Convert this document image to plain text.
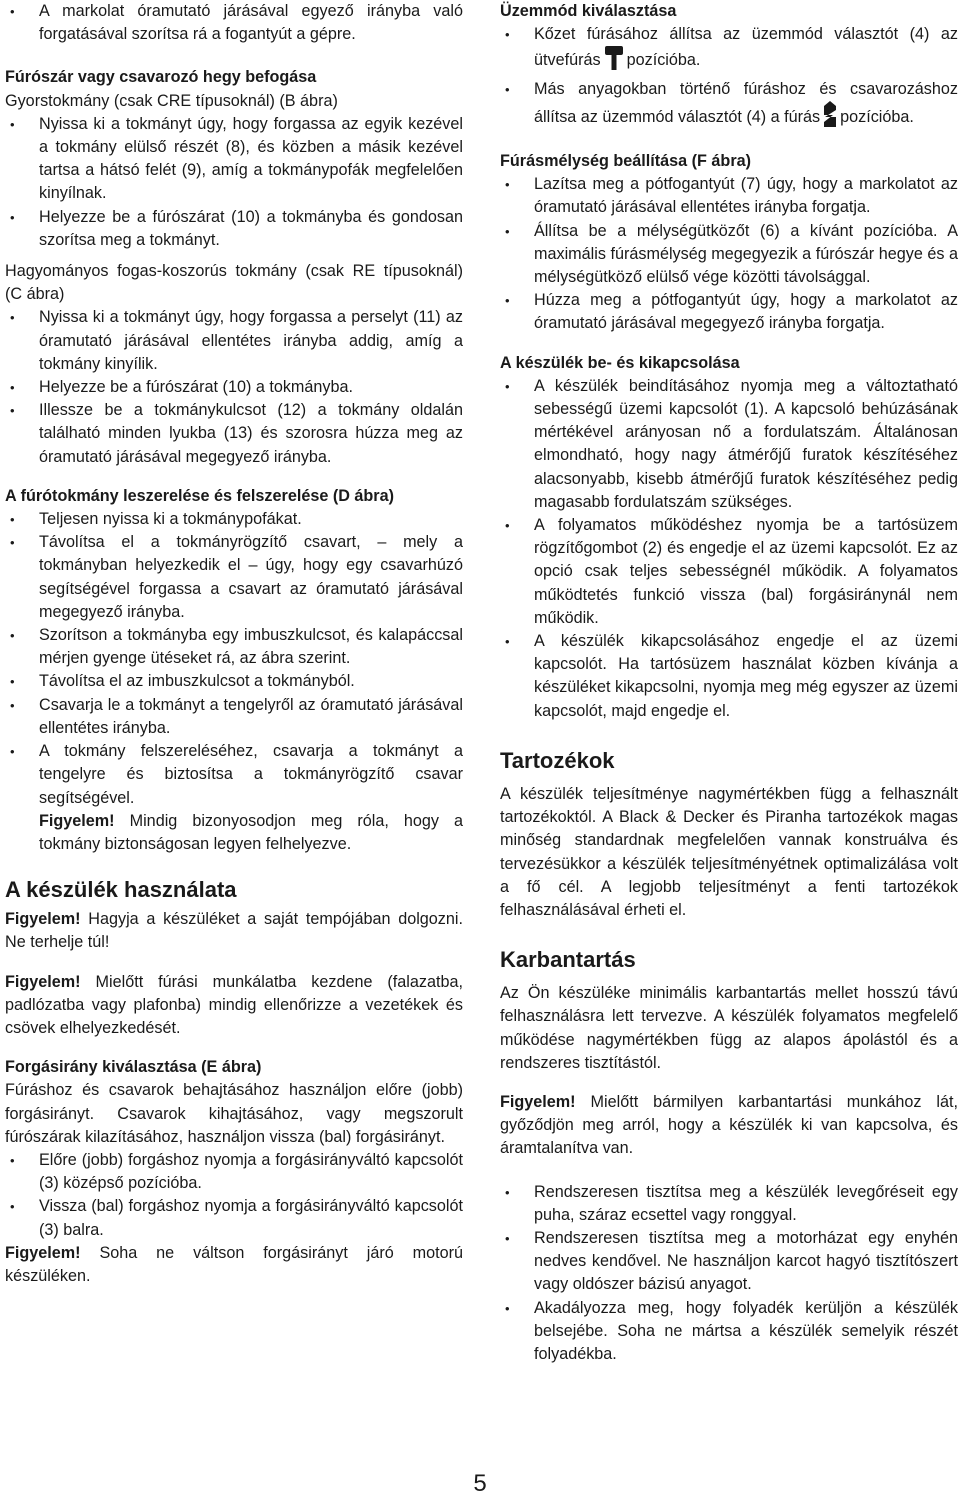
• A markolat óramutató járásával egyező irányba való forgatásával szorítsa rá a fogantyút a gépre.
Fúrószár vagy csavarozó hegy befogása

Gyorstokmány (csak CRE típusoknál) (B ábra)

• Nyissa ki a tokmányt úgy, hogy forgassa az egyik kezével a tokmány elülső részét (8), és közben a másik kezével tartsa a hátsó felét (9), amíg a tokmánypofák megfelelően kinyílnak.
• Helyezze be a fúrószárat (10) a tokmányba és gondosan szorítsa meg a tokmányt.

Hagyományos fogas-koszorús tokmány (csak RE típusoknál) (C ábra)

• Nyissa ki a tokmányt úgy, hogy forgassa a perselyt (11) az óramutató járásával ellentétes irányba addig, amíg a tokmány kinyílik.
• Helyezze be a fúrószárat (10) a tokmányba.
• Illessze be a tokmánykulcsot (12) a tokmány oldalán található minden lyukba (13) és szorosra húzza meg az óramutató járásával megegyező irányba.
A fúrótokmány leszerelése és felszerelése (D ábra)
• Teljesen nyissa ki a tokmánypofákat.
• Távolítsa el a tokmányrögzítő csavart, – mely a tokmányban helyezkedik el – úgy, hogy egy csavarhúzó segítségével forgassa a csavart az óramutató járásával megegyező irányba.
• Szorítson a tokmányba egy imbuszkulcsot, és kalapáccsal mérjen gyenge ütéseket rá, az ábra szerint.
• Távolítsa el az imbuszkulcsot a tokmányból.
• Csavarja le a tokmányt a tengelyről az óramutató járásával ellentétes irányba.
• A tokmány felszereléséhez, csavarja a tokmányt a tengelyre és biztosítsa a tokmányrögzítő csavar segítségével.

Figyelem! Mindig bizonyosodjon meg róla, hogy a tokmány biztonságosan legyen felhelyezve.

A készülék használata

Figyelem! Hagyja a készüléket a saját tempójában dolgozni. Ne terhelje túl!

Figyelem! Mielőtt fúrási munkálatba kezdene (falazatba, padlózatba vagy plafonba) mindig ellenőrizze a vezetékek és csövek elhelyezkedését.

Forgásirány kiválasztása (E ábra)

Fúráshoz és csavarok behajtásához használjon előre (jobb) forgásirányt. Csavarok kihajtásához, vagy megszorult fúrószárak kilazításához, használjon vissza (bal) forgásirányt.

• Előre (jobb) forgáshoz nyomja a forgásirányváltó kapcsolót (3) középső pozícióba.
• Vissza (bal) forgáshoz nyomja a forgásirányváltó kapcsolót (3) balra.

Figyelem! Soha ne váltson forgásirányt járó motorú készüléken.

Üzemmód kiválasztása
• Kőzet fúrásához állítsa az üzemmód választót (4) az ütvefúrás pozícióba.
• Más anyagokban történő fúráshoz és csavarozáshoz állítsa az üzemmód választót (4) a fúrás pozícióba.
Fúrásmélység beállítása (F ábra)
• Lazítsa meg a pótfogantyút (7) úgy, hogy a markolatot az óramutató járásával ellentétes irányba forgatja.
• Állítsa be a mélységütközőt (6) a kívánt pozícióba. A maximális fúrásmélység megegyezik a fúrószár hegye és a mélységütköző elülső vége közötti távolsággal.
• Húzza meg a pótfogantyút úgy, hogy a markolatot az óramutató járásával megegyező irányba forgatja.
A készülék be- és kikapcsolása
• A készülék beindításához nyomja meg a változtatható sebességű üzemi kapcsolót (1). A kapcsoló behúzásának mértékével arányosan nő a fordulatszám. Általánosan elmondható, hogy nagy átmérőjű furatok készítéséhez alacsonyabb, kisebb átmérőjű furatok készítéséhez pedig magasabb fordulatszám szükséges.
• A folyamatos működéshez nyomja be a tartósüzem rögzítőgombot (2) és engedje el az üzemi kapcsolót. Ez az opció csak teljes sebességnél működik. A folyamatos működtetés funkció vissza (bal) forgásiránynál nem működik.
• A készülék kikapcsolásához engedje el az üzemi kapcsolót. Ha tartósüzem használat közben kívánja a készüléket kikapcsolni, nyomja meg még egyszer az üzemi kapcsolót, majd engedje el.
Tartozékok

A készülék teljesítménye nagymértékben függ a felhasznált tartozékoktól. A Black & Decker és Piranha tartozékok magas minőség standardnak megfelelően vannak konstruálva és tervezésükkor a készülék teljesítményétnek optimalizálása volt a fő cél. A legjobb teljesítményt a fenti tartozékok felhasználásával érheti el.

Karbantartás

Az Ön készüléke minimális karbantartás mellet hosszú távú felhasználásra lett tervezve. A készülék folyamatos megfelelő működése nagymértékben függ az alapos ápolástól és a rendszeres tisztítástól.

Figyelem! Mielőtt bármilyen karbantartási munkához lát, győződjön meg arról, hogy a készülék ki van kapcsolva, és áramtalanítva van.

• Rendszeresen tisztítsa meg a készülék levegőréseit egy puha, száraz ecsettel vagy ronggyal.
• Rendszeresen tisztítsa meg a motorházat egy enyhén nedves kendővel. Ne használjon karcot hagyó tisztítószert vagy oldószer bázisú anyagot.
• Akadályozza meg, hogy folyadék kerüljön a készülék belsejébe. Soha ne mártsa a készülék semelyik részét folyadékba.
5
